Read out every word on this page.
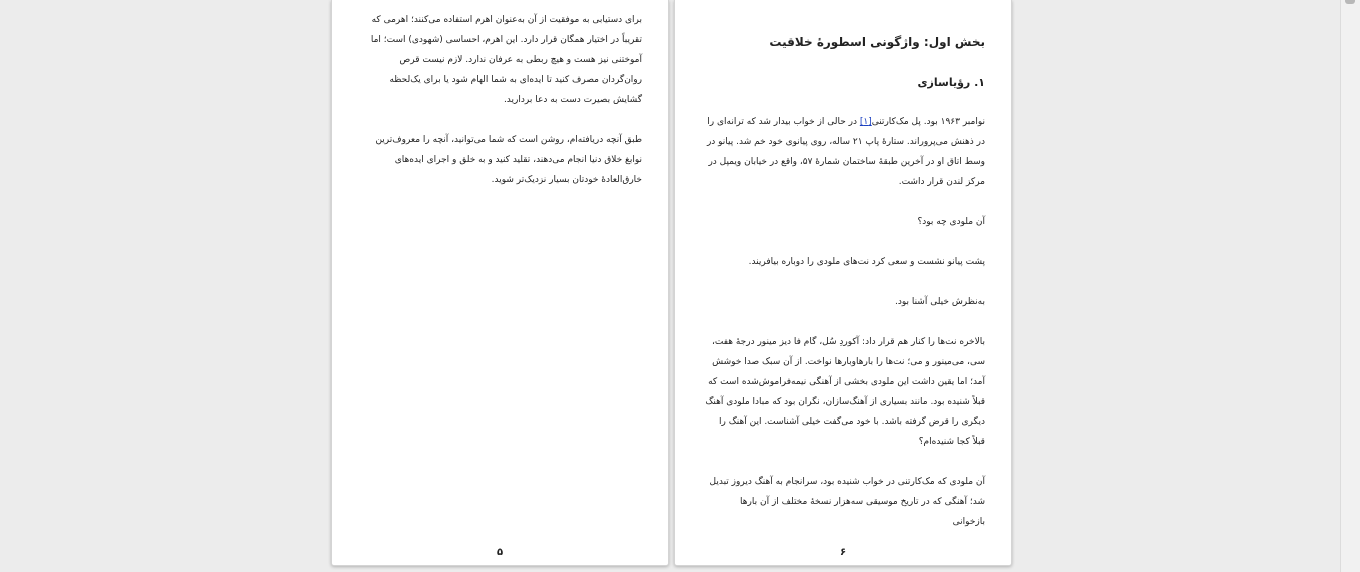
برای دستیابی به موفقیت از آن به‌عنوان اهرم استفاده می‌کنند؛ اهرمی که تقریباً در اختیار همگان قرار دارد. این اهرم، احساسی (شهودی) است؛ اما آموختنی نیز هست و هیچ ربطی به عرفان ندارد. لازم نیست قرص روان‌گردان مصرف کنید تا ایده‌ای به شما الهام شود یا برای یک‌لحظه گشایش بصیرت دست به دعا بردارید.

طبق آنچه دریافته‌ام، روشن است که شما می‌توانید، آنچه را معروف‌ترین نوابغ خلاق دنیا انجام می‌دهند، تقلید کنید و به خلق و اجرای ایده‌های خارق‌العادهٔ خودتان بسیار نزدیک‌تر شوید.

۵
بخش اول: واژگونی اسطورهٔ خلاقیت
۱. رؤیاسازی

نوامبر ۱۹۶۳ بود. پل مک‌کارتنی[۱] در حالی از خواب بیدار شد که ترانه‌ای را در ذهنش می‌پروراند. ستارهٔ پاپ ۲۱ ساله، روی پیانوی خود خم شد. پیانو در وسط اتاق او در آخرین طبقهٔ ساختمان شمارهٔ ۵۷، واقع در خیابان ویمپل در مرکز لندن قرار داشت.

آن ملودی چه بود؟

پشت پیانو نشست و سعی کرد نت‌های ملودی را دوباره بیافریند.

به‌نظرش خیلی آشنا بود.

بالاخره نت‌ها را کنار هم قرار داد: آکوردِ سُل، گام فا دیز مینور درجهٔ هفت، سی، می‌مینور و می؛ نت‌ها را بارهاوبارها نواخت. از آن سبک صدا خوشش آمد؛ اما یقین داشت این ملودی بخشی از آهنگی نیمه‌فراموش‌شده است که قبلاً شنیده بود. مانند بسیاری از آهنگ‌سازان، نگران بود که مبادا ملودی آهنگ دیگری را قرض گرفته باشد. با خود می‌گفت خیلی آشناست. این آهنگ را قبلاً کجا شنیده‌ام؟

آن ملودی که مک‌کارتنی در خواب شنیده بود، سرانجام به آهنگ دیروز تبدیل شد؛ آهنگی که در تاریخ موسیقی سه‌هزار نسخهٔ مختلف از آن بارها بازخوانی

۶
